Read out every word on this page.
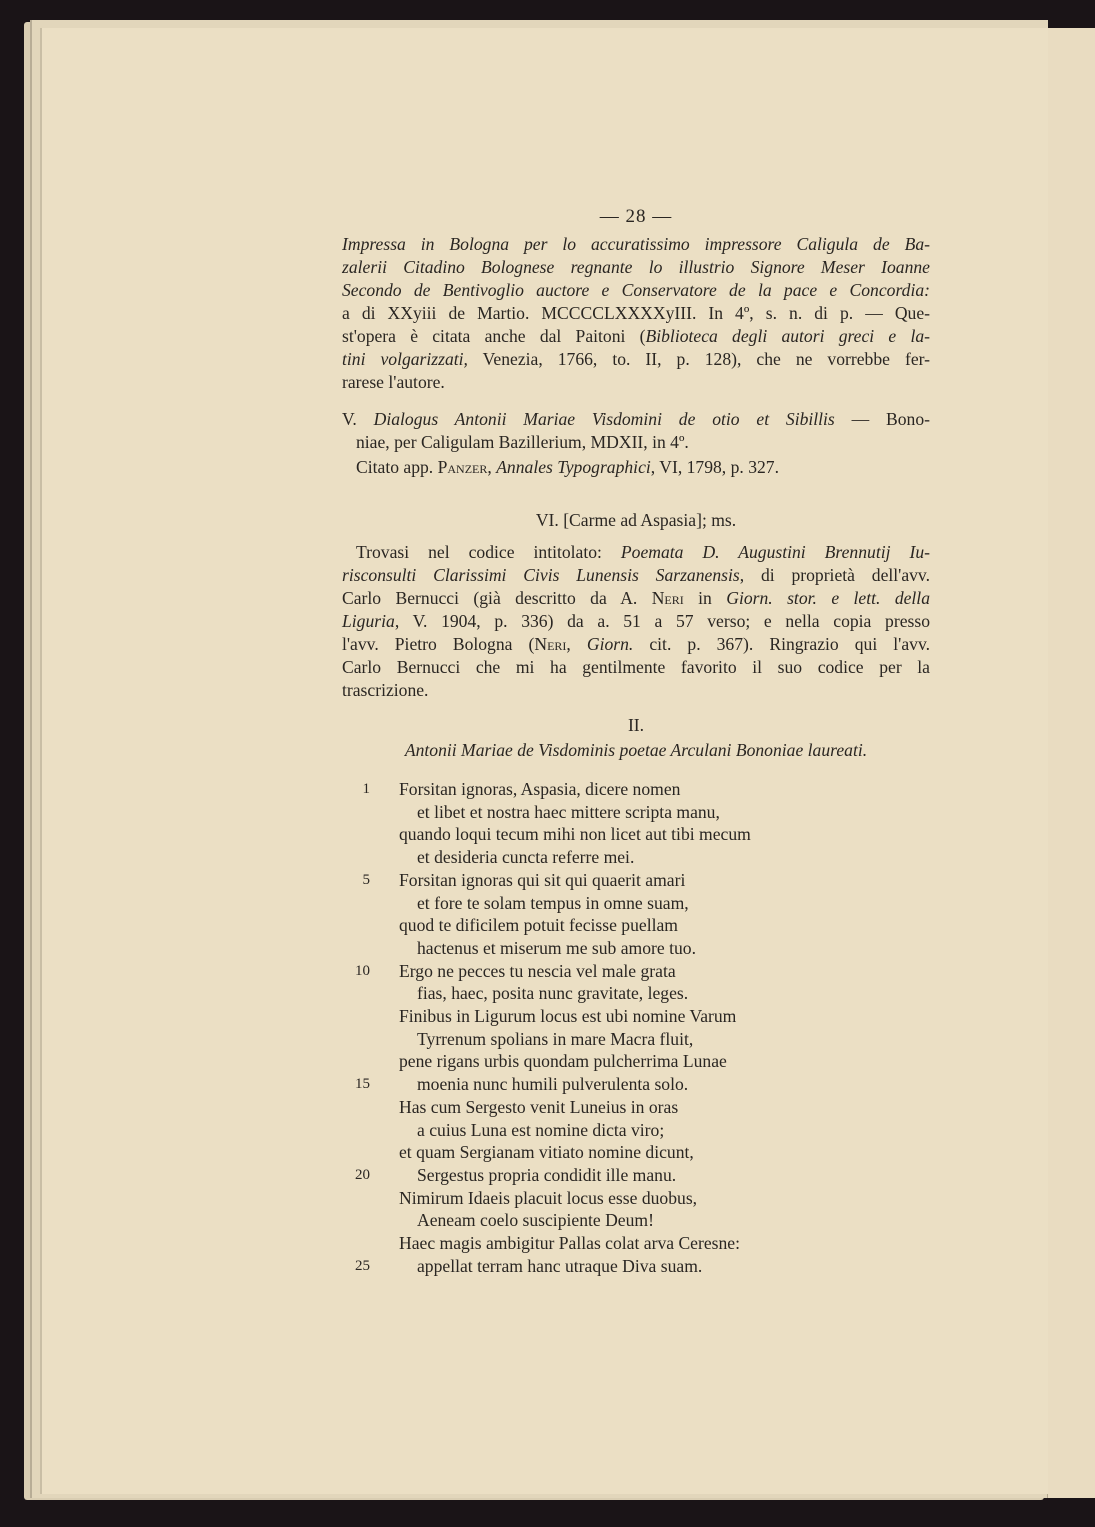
— 28 —
Impressa in Bologna per lo accuratissimo impressore Caligula de Ba-
zalerii Citadino Bolognese regnante lo illustrio Signore Meser Ioanne
Secondo de Bentivoglio auctore e Conservatore de la pace e Concordia:
a di XXyiii de Martio. MCCCCLXXXXyIII. In 4º, s. n. di p. — Que-
st'opera è citata anche dal Paitoni (Biblioteca degli autori greci e la-
tini volgarizzati, Venezia, 1766, to. II, p. 128), che ne vorrebbe fer-
rarese l'autore.
V. Dialogus Antonii Mariae Visdomini de otio et Sibillis — Bono-
niae, per Caligulam Bazillerium, MDXII, in 4º.
Citato app. Panzer, Annales Typographici, VI, 1798, p. 327.
VI. [Carme ad Aspasia]; ms.
Trovasi nel codice intitolato: Poemata D. Augustini Brennutij Iu-
risconsulti Clarissimi Civis Lunensis Sarzanensis, di proprietà dell'avv.
Carlo Bernucci (già descritto da A. Neri in Giorn. stor. e lett. della
Liguria, V. 1904, p. 336) da a. 51 a 57 verso; e nella copia presso
l'avv. Pietro Bologna (Neri, Giorn. cit. p. 367). Ringrazio qui l'avv.
Carlo Bernucci che mi ha gentilmente favorito il suo codice per la
trascrizione.
II.
Antonii Mariae de Visdominis poetae Arculani Bononiae laureati.
1 Forsitan ignoras, Aspasia, dicere nomen
et libet et nostra haec mittere scripta manu,
quando loqui tecum mihi non licet aut tibi mecum
et desideria cuncta referre mei.
5 Forsitan ignoras qui sit qui quaerit amari
et fore te solam tempus in omne suam,
quod te dificilem potuit fecisse puellam
hactenus et miserum me sub amore tuo.
10 Ergo ne pecces tu nescia vel male grata
fias, haec, posita nunc gravitate, leges.
Finibus in Ligurum locus est ubi nomine Varum
Tyrrenum spolians in mare Macra fluit,
pene rigans urbis quondam pulcherrima Lunae
15	moenia nunc humili pulverulenta solo.
Has cum Sergesto venit Luneius in oras
a cuius Luna est nomine dicta viro;
et quam Sergianam vitiato nomine dicunt,
20	Sergestus propria condidit ille manu.
Nimirum Idaeis placuit locus esse duobus,
Aeneam coelo suscipiente Deum!
Haec magis ambigitur Pallas colat arva Ceresne:
25	appellat terram hanc utraque Diva suam.
